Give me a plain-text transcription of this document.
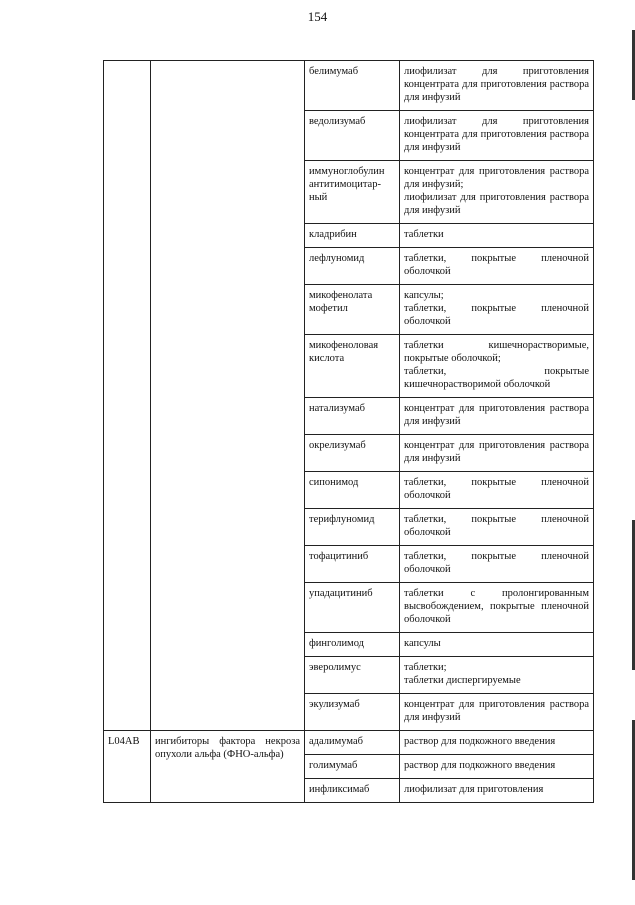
154
		белимумаб	лиофилизат для приготовления концентрата для приготовления раствора для инфузий

		ведолизумаб	лиофилизат для приготовления концентрата для приготовления раствора для инфузий

		иммуноглобулин антитимоцитар-ный	концентрат для приготовления раствора для инфузий;
лиофилизат для приготовления раствора для инфузий

		кладрибин	таблетки

		лефлуномид	таблетки, покрытые пленочной оболочкой

		микофенолата мофетил	капсулы;
таблетки, покрытые пленочной оболочкой

		микофеноловая кислота	таблетки кишечнорастворимые, покрытые оболочкой;
таблетки, покрытые кишечнорастворимой оболочкой

		натализумаб	концентрат для приготовления раствора для инфузий

		окрелизумаб	концентрат для приготовления раствора для инфузий

		сипонимод	таблетки, покрытые пленочной оболочкой

		терифлуномид	таблетки, покрытые пленочной оболочкой

		тофацитиниб	таблетки, покрытые пленочной оболочкой

		упадацитиниб	таблетки с пролонгированным высвобождением, покрытые пленочной оболочкой

		финголимод	капсулы

		эверолимус	таблетки;
таблетки диспергируемые

		экулизумаб	концентрат для приготовления раствора для инфузий

L04AB	ингибиторы фактора некроза опухоли альфа (ФНО-альфа)	адалимумаб	раствор для подкожного введения

		голимумаб	раствор для подкожного введения

		инфликсимаб	лиофилизат для приготовления
